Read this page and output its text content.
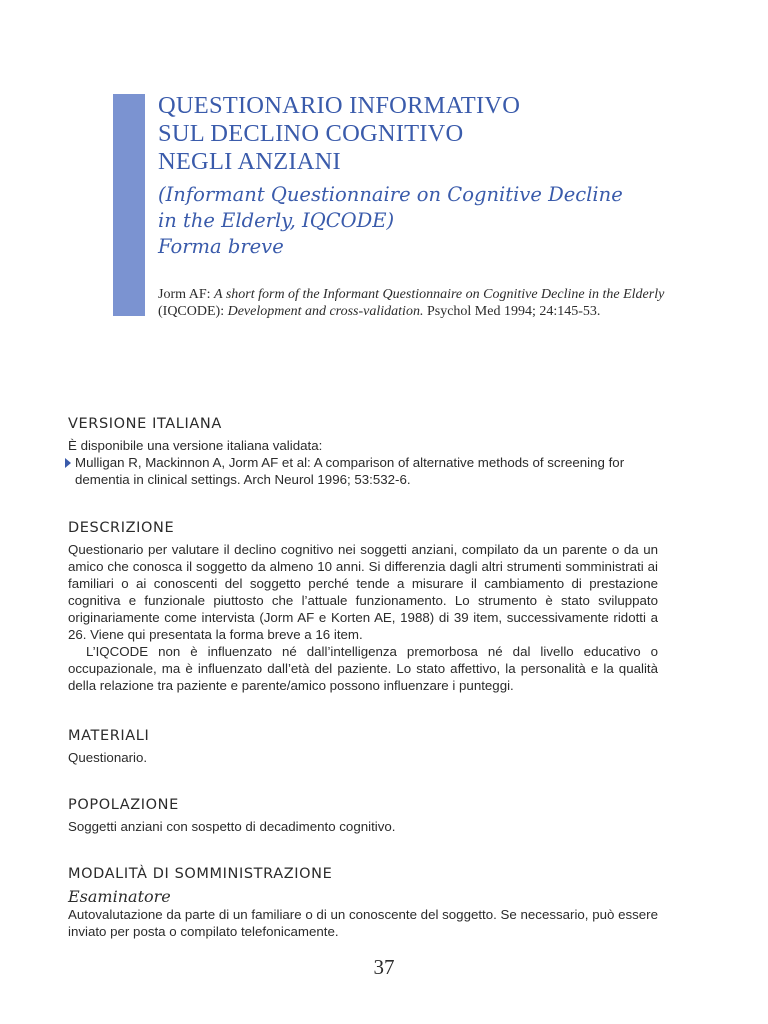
QUESTIONARIO INFORMATIVO
SUL DECLINO COGNITIVO
NEGLI ANZIANI
(Informant Questionnaire on Cognitive Decline
in the Elderly, IQCODE)
Forma breve
Jorm AF: A short form of the Informant Questionnaire on Cognitive Decline in the Elderly (IQCODE): Development and cross-validation. Psychol Med 1994; 24:145-53.
VERSIONE ITALIANA
È disponibile una versione italiana validata:
Mulligan R, Mackinnon A, Jorm AF et al: A comparison of alternative methods of screening for dementia in clinical settings. Arch Neurol 1996; 53:532-6.
DESCRIZIONE
Questionario per valutare il declino cognitivo nei soggetti anziani, compilato da un parente o da un amico che conosca il soggetto da almeno 10 anni. Si differenzia dagli altri strumenti somministrati ai familiari o ai conoscenti del soggetto perché tende a misurare il cambiamento di prestazione cognitiva e funzionale piuttosto che l’attuale funzionamento. Lo strumento è stato sviluppato originariamente come intervista (Jorm AF e Korten AE, 1988) di 39 item, successivamente ridotti a 26. Viene qui presentata la forma breve a 16 item.
L’IQCODE non è influenzato né dall’intelligenza premorbosa né dal livello educativo o occupazionale, ma è influenzato dall’età del paziente. Lo stato affettivo, la personalità e la qualità della relazione tra paziente e parente/amico possono influenzare i punteggi.
MATERIALI
Questionario.
POPOLAZIONE
Soggetti anziani con sospetto di decadimento cognitivo.
MODALITÀ DI SOMMINISTRAZIONE
Esaminatore
Autovalutazione da parte di un familiare o di un conoscente del soggetto. Se necessario, può essere inviato per posta o compilato telefonicamente.
37
